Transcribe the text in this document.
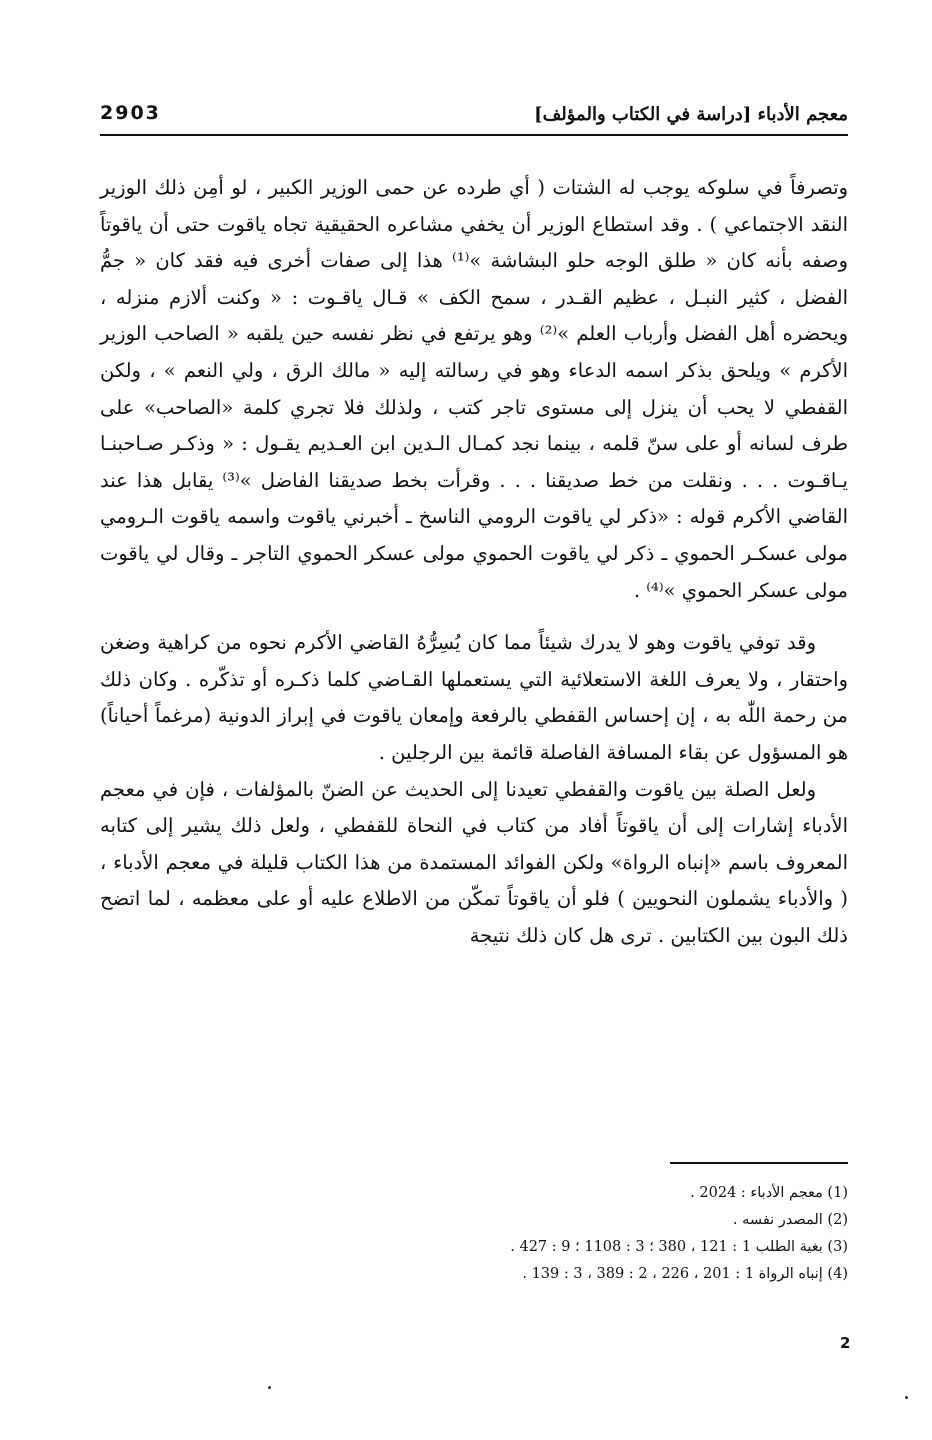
معجم الأدباء [دراسة في الكتاب والمؤلف]
2903

وتصرفاً في سلوكه يوجب له الشتات ( أي طرده عن حمى الوزير الكبير ، لو أمِن ذلك الوزير النقد الاجتماعي ) . وقد استطاع الوزير أن يخفي مشاعره الحقيقية تجاه ياقوت حتى أن ياقوتاً وصفه بأنه كان « طلق الوجه حلو البشاشة »⁽¹⁾ هذا إلى صفات أخرى فيه فقد كان « جمُّ الفضل ، كثير النبـل ، عظيم القـدر ، سمح الكف » قـال ياقـوت : « وكنت ألازم منزله ، ويحضره أهل الفضل وأرباب العلم »⁽²⁾ وهو يرتفع في نظر نفسه حين يلقبه « الصاحب الوزير الأكرم » ويلحق بذكر اسمه الدعاء وهو في رسالته إليه « مالك الرق ، ولي النعم » ، ولكن القفطي لا يحب أن ينزل إلى مستوى تاجر كتب ، ولذلك فلا تجري كلمة «الصاحب» على طرف لسانه أو على سنّ قلمه ، بينما نجد كمـال الـدين ابن العـديم يقـول : « وذكـر صـاحبنـا يـاقـوت . . . ونقلت من خط صديقنا . . . وقرأت بخط صديقنا الفاضل »⁽³⁾ يقابل هذا عند القاضي الأكرم قوله : «ذكر لي ياقوت الرومي الناسخ ـ أخبرني ياقوت واسمه ياقوت الـرومي مولى عسكـر الحموي ـ ذكر لي ياقوت الحموي مولى عسكر الحموي التاجر ـ وقال لي ياقوت مولى عسكر الحموي »⁽⁴⁾ .

وقد توفي ياقوت وهو لا يدرك شيئاً مما كان يُسِرُّهُ القاضي الأكرم نحوه من كراهية وضغن واحتقار ، ولا يعرف اللغة الاستعلائية التي يستعملها القـاضي كلما ذكـره أو تذكّره . وكان ذلك من رحمة اللّٰه به ، إن إحساس القفطي بالرفعة وإمعان ياقوت في إبراز الدونية (مرغماً أحياناً) هو المسؤول عن بقاء المسافة الفاصلة قائمة بين الرجلين .

ولعل الصلة بين ياقوت والقفطي تعيدنا إلى الحديث عن الضنّ بالمؤلفات ، فإن في معجم الأدباء إشارات إلى أن ياقوتاً أفاد من كتاب في النحاة للقفطي ، ولعل ذلك يشير إلى كتابه المعروف باسم «إنباه الرواة» ولكن الفوائد المستمدة من هذا الكتاب قليلة في معجم الأدباء ، ( والأدباء يشملون النحويين ) فلو أن ياقوتاً تمكّن من الاطلاع عليه أو على معظمه ، لما اتضح ذلك البون بين الكتابين . ترى هل كان ذلك نتيجة

(1) معجم الأدباء : 2024 .
(2) المصدر نفسه .
(3) بغية الطلب 1 : 121 ، 380 ؛ 3 : 1108 ؛ 9 : 427 .
(4) إنباه الرواة 1 : 201 ، 226 ، 2 : 389 ، 3 : 139 .
2
